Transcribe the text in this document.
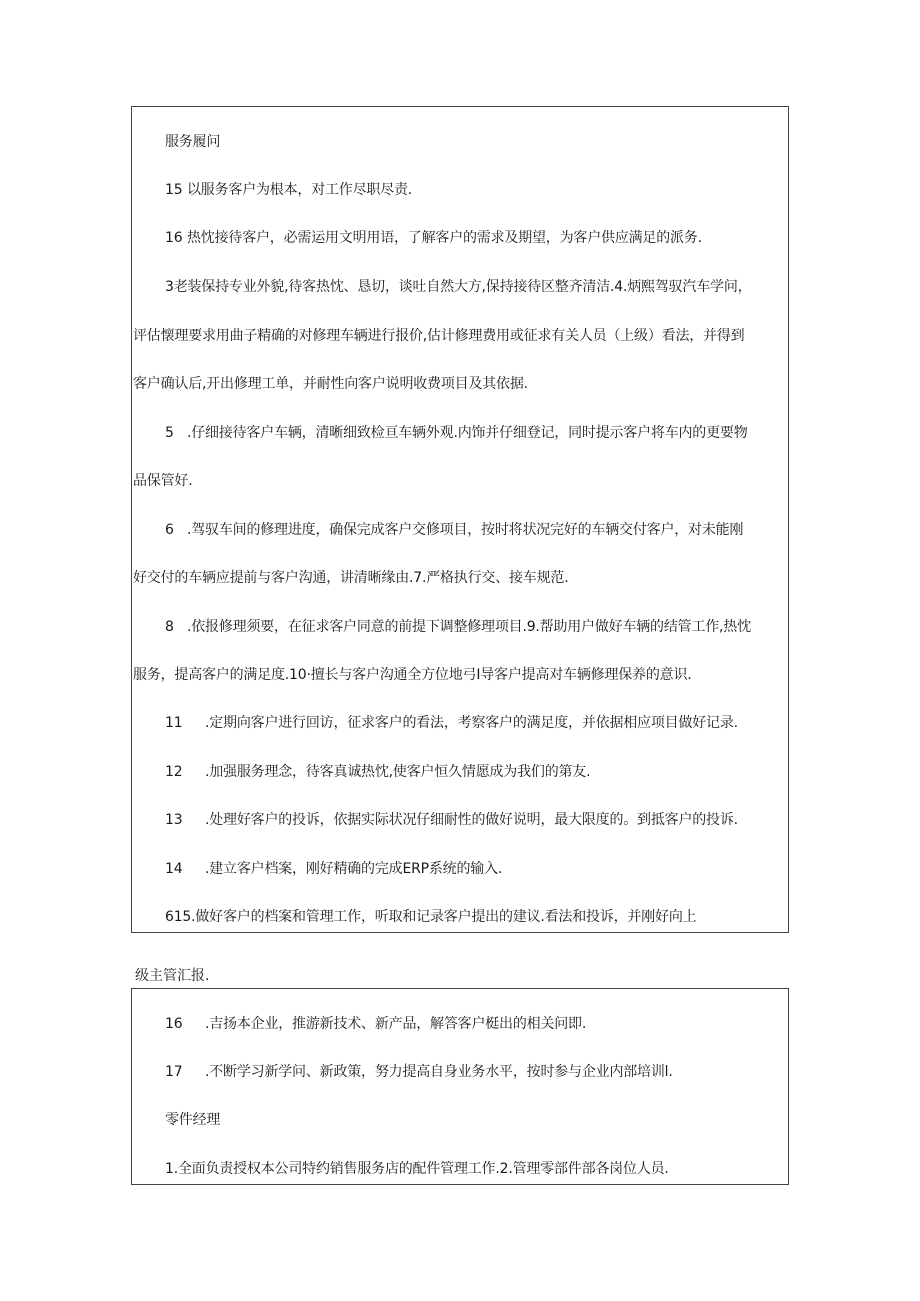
服务履问
15 以服务客户为根本，对工作尽职尽责.
16 热忱接待客户，必需运用文明用语，了解客户的需求及期望，为客户供应满足的派务.
3老装保持专业外貌,待客热忱、恳切，谈吐自然大方,保持接待区整齐清洁.4.炳熙驾驭汽车学问，
评估懐理要求用曲子精确的对修理车辆进行报价,估计修理费用或征求有关人员（上级）看法，并得到
客户确认后,开出修理工单，并耐性向客户说明收费项目及其依据.
5 .仔细接待客户车辆，清晰细致检亘车辆外观.内饰并仔细登记，同时提示客户将车内的更要物
品保管好.
6 .驾驭车间的修理进度，确保完成客户交修项目，按时将状况完好的车辆交付客户，对未能刚
好交付的车辆应提前与客户沟通，讲清晰缘由.7.严格执行交、接车规范.
8 .依报修理须要，在征求客户同意的前提下调整修理项目.9.帮助用户做好车辆的结管工作,热忱
服务，提高客户的满足度.10·擅长与客户沟通全方位地弓I导客户提高对车辆修理保养的意识.
11 .定期向客户进行回访，征求客户的看法，考察客户的满足度，并依据相应项目做好记录.
12 .加强服务理念，待客真诚热忱,使客户恒久情愿成为我们的第友.
13 .处理好客户的投诉，依据实际状况仔细耐性的做好说明，最大限度的。到抵客户的投诉.
14 .建立客户档案，刚好精确的完成ERP系统的输入.
615.做好客户的档案和管理工作，听取和记录客户提出的建议.看法和投诉，并刚好向上
级主管汇报.
16 .吉扬本企业，推游新技术、新产品，解答客户梃出的相关问即.
17 .不断学习新学问、新政策，努力提高自身业务水平，按时参与企业内部培训l.
零件经理
1.全面负责授权本公司特约销售服务店的配件管理工作.2.管理零部件部各岗位人员.
